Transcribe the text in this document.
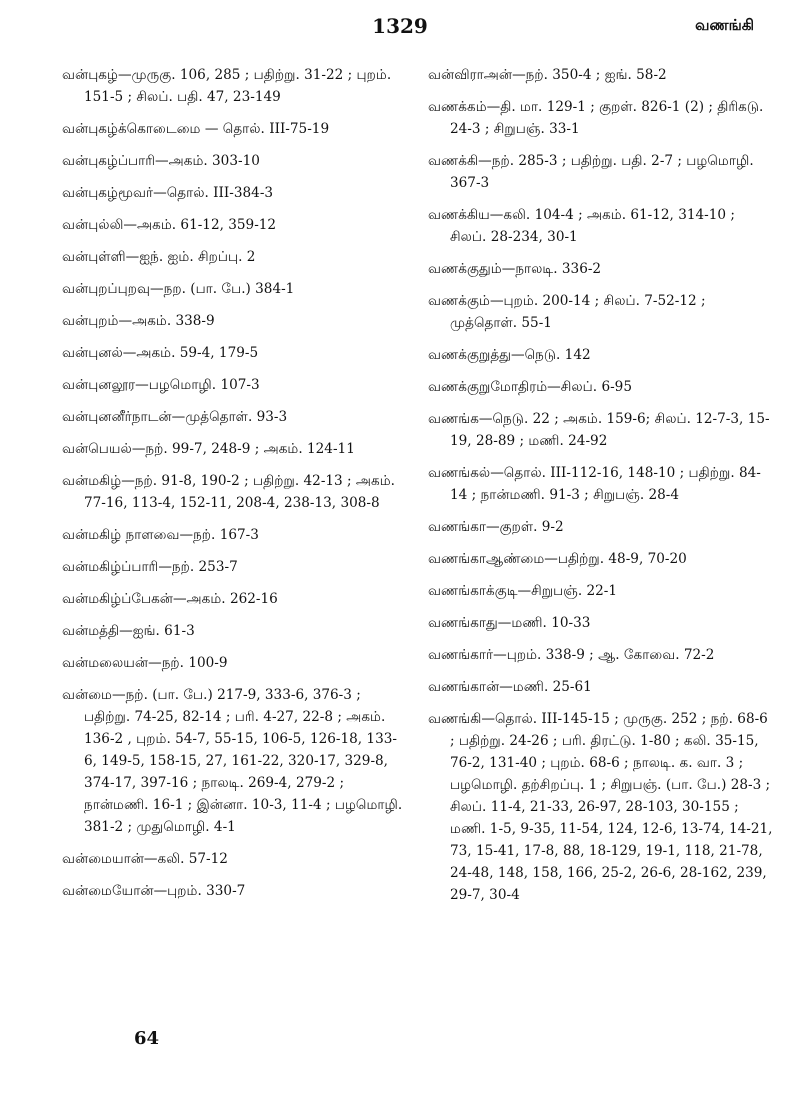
1329	வணங்கி
வன்புகழ்—முருகு. 106, 285 ; பதிற்று. 31-22 ; புறம். 151-5 ; சிலப். பதி. 47, 23-149
வன்புகழ்க்கொடைமை — தொல். III-75-19
வன்புகழ்ப்பாரி—அகம். 303-10
வன்புகழ்மூவர்—தொல். III-384-3
வன்புல்லி—அகம். 61-12, 359-12
வன்புள்ளி—ஐந். ஐம். சிறப்பு. 2
வன்புறப்புறவு—நற. (பா. பே.) 384-1
வன்புறம்—அகம். 338-9
வன்புனல்—அகம். 59-4, 179-5
வன்புனலூர—பழமொழி. 107-3
வன்புனனீர்நாடன்—முத்தொள். 93-3
வன்பெயல்—நற். 99-7, 248-9 ; அகம். 124-11
வன்மகிழ்—நற். 91-8, 190-2 ; பதிற்று. 42-13 ; அகம். 77-16, 113-4, 152-11, 208-4, 238-13, 308-8
வன்மகிழ் நாளவை—நற். 167-3
வன்மகிழ்ப்பாரி—நற். 253-7
வன்மகிழ்ப்பேகன்—அகம். 262-16
வன்மத்தி—ஐங். 61-3
வன்மலையன்—நற். 100-9
வன்மை—நற். (பா. பே.) 217-9, 333-6, 376-3 ; பதிற்று. 74-25, 82-14 ; பரி. 4-27, 22-8 ; அகம். 136-2 , புறம். 54-7, 55-15, 106-5, 126-18, 133-6, 149-5, 158-15, 27, 161-22, 320-17, 329-8, 374-17, 397-16 ; நாலடி. 269-4, 279-2 ; நான்மணி. 16-1 ; இன்னா. 10-3, 11-4 ; பழமொழி. 381-2 ; முதுமொழி. 4-1
வன்மையான்—கலி. 57-12
வன்மையோன்—புறம். 330-7
வன்விராஅன்—நற். 350-4 ; ஐங். 58-2
வணக்கம்—தி. மா. 129-1 ; குறள். 826-1 (2) ; திரிகடு. 24-3 ; சிறுபஞ். 33-1
வணக்கி—நற். 285-3 ; பதிற்று. பதி. 2-7 ; பழமொழி. 367-3
வணக்கிய—கலி. 104-4 ; அகம். 61-12, 314-10 ; சிலப். 28-234, 30-1
வணக்குதும்—நாலடி. 336-2
வணக்கும்—புறம். 200-14 ; சிலப். 7-52-12 ; முத்தொள். 55-1
வணக்குறுத்து—நெடு. 142
வணக்குறுமோதிரம்—சிலப். 6-95
வணங்க—நெடு. 22 ; அகம். 159-6; சிலப். 12-7-3, 15-19, 28-89 ; மணி. 24-92
வணங்கல்—தொல். III-112-16, 148-10 ; பதிற்று. 84-14 ; நான்மணி. 91-3 ; சிறுபஞ். 28-4
வணங்கா—குறள். 9-2
வணங்காஆண்மை—பதிற்று. 48-9, 70-20
வணங்காக்குடி—சிறுபஞ். 22-1
வணங்காது—மணி. 10-33
வணங்கார்—புறம். 338-9 ; ஆ. கோவை. 72-2
வணங்கான்—மணி. 25-61
வணங்கி—தொல். III-145-15 ; முருகு. 252 ; நற். 68-6 ; பதிற்று. 24-26 ; பரி. திரட்டு. 1-80 ; கலி. 35-15, 76-2, 131-40 ; புறம். 68-6 ; நாலடி. க. வா. 3 ; பழமொழி. தற்சிறப்பு. 1 ; சிறுபஞ். (பா. பே.) 28-3 ; சிலப். 11-4, 21-33, 26-97, 28-103, 30-155 ; மணி. 1-5, 9-35, 11-54, 124, 12-6, 13-74, 14-21, 73, 15-41, 17-8, 88, 18-129, 19-1, 118, 21-78, 24-48, 148, 158, 166, 25-2, 26-6, 28-162, 239, 29-7, 30-4
64
